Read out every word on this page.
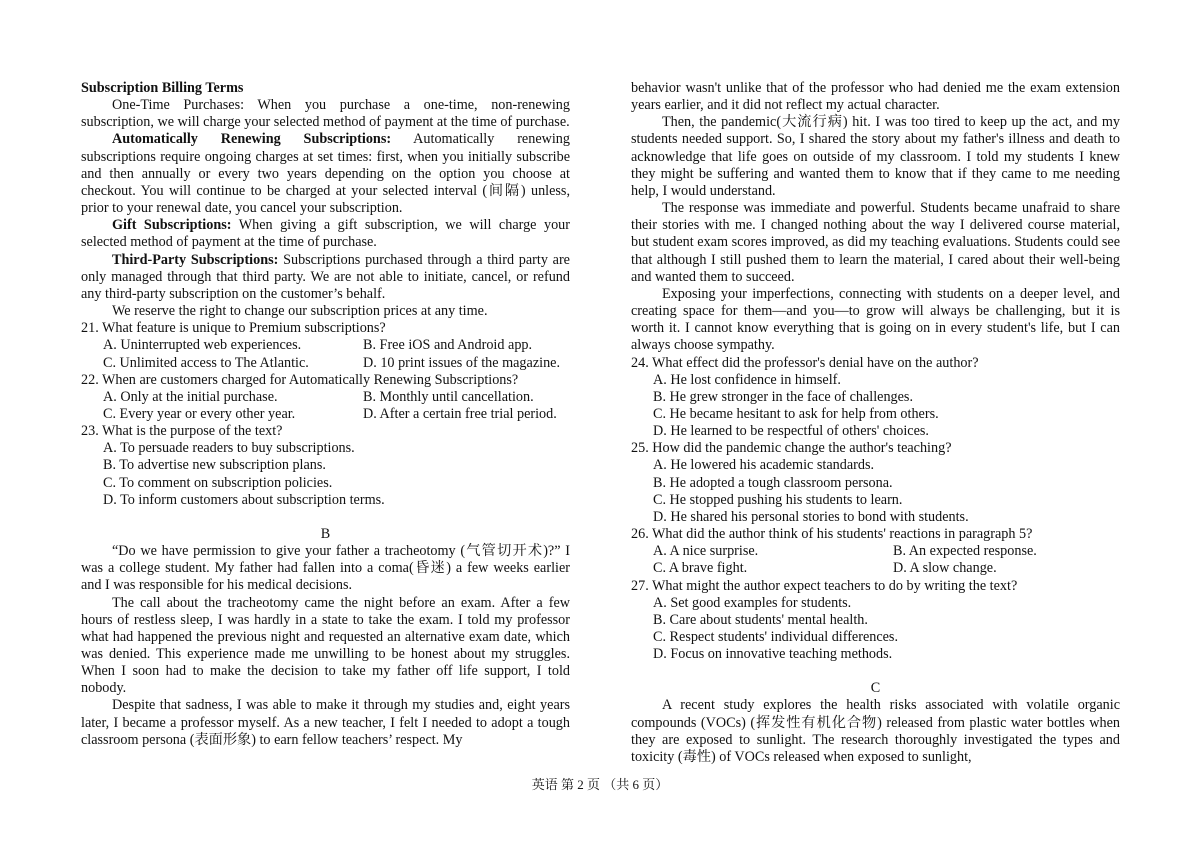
Subscription Billing Terms

One-Time Purchases: When you purchase a one-time, non-renewing subscription, we will charge your selected method of payment at the time of purchase.

Automatically Renewing Subscriptions: Automatically renewing subscriptions require ongoing charges at set times: first, when you initially subscribe and then annually or every two years depending on the option you choose at checkout. You will continue to be charged at your selected interval (间隔) unless, prior to your renewal date, you cancel your subscription.

Gift Subscriptions: When giving a gift subscription, we will charge your selected method of payment at the time of purchase.

Third-Party Subscriptions: Subscriptions purchased through a third party are only managed through that third party. We are not able to initiate, cancel, or refund any third-party subscription on the customer’s behalf.

We reserve the right to change our subscription prices at any time.

21. What feature is unique to Premium subscriptions?

A. Uninterrupted web experiences.	B. Free iOS and Android app.
C. Unlimited access to The Atlantic.	D. 10 print issues of the magazine.

22. When are customers charged for Automatically Renewing Subscriptions?

A. Only at the initial purchase.	B. Monthly until cancellation.
C. Every year or every other year.	D. After a certain free trial period.

23. What is the purpose of the text?

A. To persuade readers to buy subscriptions.

B. To advertise new subscription plans.

C. To comment on subscription policies.

D. To inform customers about subscription terms.

B

“Do we have permission to give your father a tracheotomy (气管切开术)?” I was a college student. My father had fallen into a coma(昏迷) a few weeks earlier and I was responsible for his medical decisions.

The call about the tracheotomy came the night before an exam. After a few hours of restless sleep, I was hardly in a state to take the exam. I told my professor what had happened the previous night and requested an alternative exam date, which was denied. This experience made me unwilling to be honest about my struggles. When I soon had to make the decision to take my father off life support, I told nobody.

Despite that sadness, I was able to make it through my studies and, eight years later, I became a professor myself. As a new teacher, I felt I needed to adopt a tough classroom persona (表面形象) to earn fellow teachers’ respect. My

behavior wasn't unlike that of the professor who had denied me the exam extension years earlier, and it did not reflect my actual character.

Then, the pandemic(大流行病) hit. I was too tired to keep up the act, and my students needed support. So, I shared the story about my father's illness and death to acknowledge that life goes on outside of my classroom. I told my students I knew they might be suffering and wanted them to know that if they came to me needing help, I would understand.

The response was immediate and powerful. Students became unafraid to share their stories with me. I changed nothing about the way I delivered course material, but student exam scores improved, as did my teaching evaluations. Students could see that although I still pushed them to learn the material, I cared about their well-being and wanted them to succeed.

Exposing your imperfections, connecting with students on a deeper level, and creating space for them—and you—to grow will always be challenging, but it is worth it. I cannot know everything that is going on in every student's life, but I can always choose sympathy.

24. What effect did the professor's denial have on the author?

A. He lost confidence in himself.

B. He grew stronger in the face of challenges.

C. He became hesitant to ask for help from others.

D. He learned to be respectful of others' choices.

25. How did the pandemic change the author's teaching?

A. He lowered his academic standards.

B. He adopted a tough classroom persona.

C. He stopped pushing his students to learn.

D. He shared his personal stories to bond with students.

26. What did the author think of his students' reactions in paragraph 5?

A. A nice surprise.	B. An expected response.
C. A brave fight.	D. A slow change.

27. What might the author expect teachers to do by writing the text?

A. Set good examples for students.

B. Care about students' mental health.

C. Respect students' individual differences.

D. Focus on innovative teaching methods.

C

A recent study explores the health risks associated with volatile organic compounds (VOCs) (挥发性有机化合物) released from plastic water bottles when they are exposed to sunlight. The research thoroughly investigated the types and toxicity (毒性) of VOCs released when exposed to sunlight,

英语 第 2 页 （共 6 页）
